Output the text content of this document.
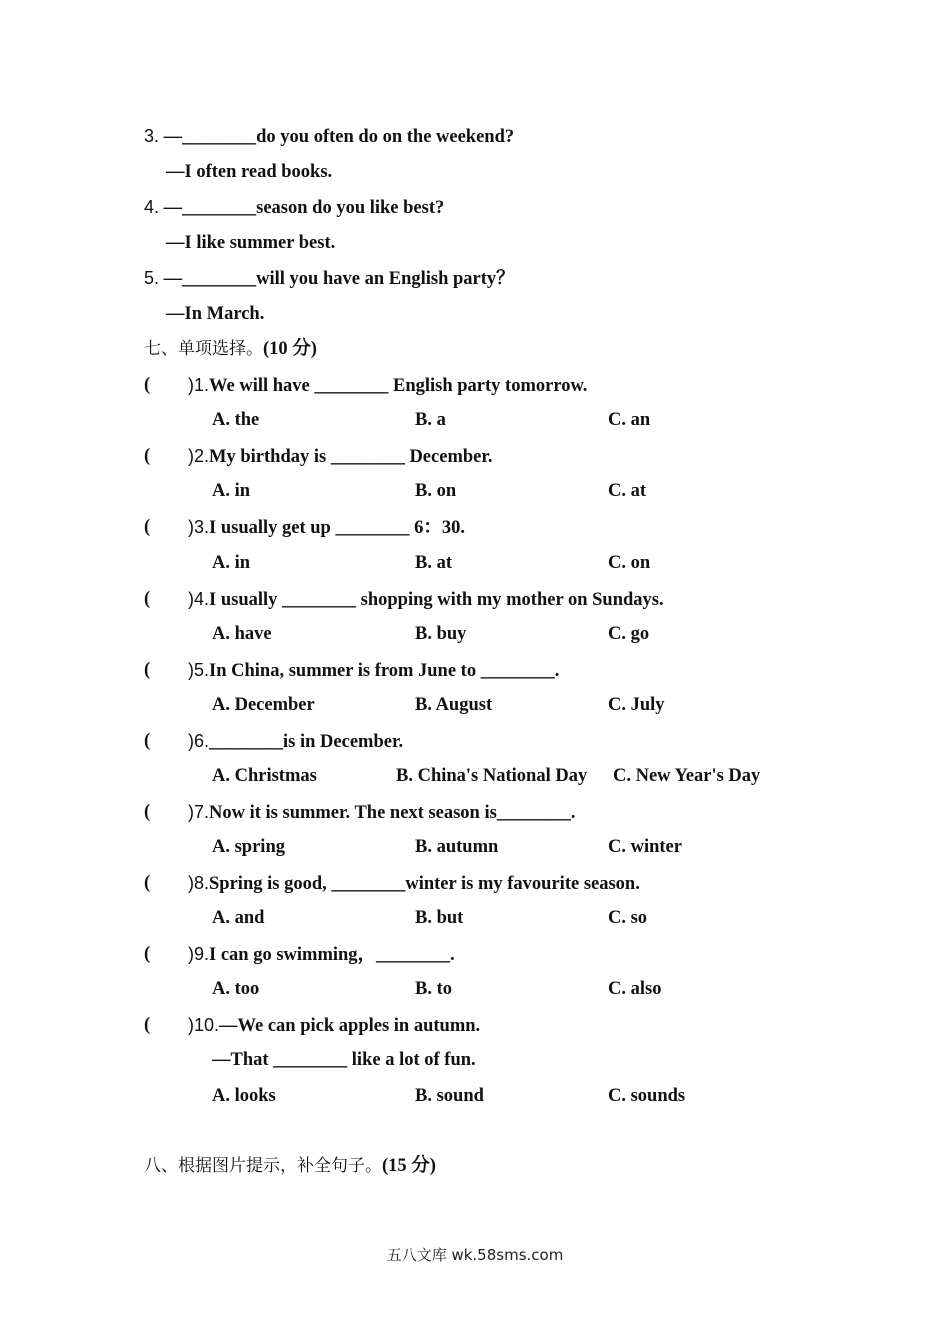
3. —________do you often do on the weekend?
—I often read books.
4. —________season do you like best?
—I like summer best.
5. —________will you have an English party？
—In March.
七、单项选择。(10 分)
( )1.We will have ________ English party tomorrow.
A. the	B. a	C. an
( )2.My birthday is ________ December.
A. in	B. on	C. at
( )3.I usually get up ________ 6：30.
A. in	B. at	C. on
( )4.I usually ________ shopping with my mother on Sundays.
A. have	B. buy	C. go
( )5.In China, summer is from June to ________.
A. December	B. August	C. July
( )6.________is in December.
A. Christmas	B. China's National Day C. New Year's Day
( )7.Now it is summer. The next season is________.
A. spring	B. autumn	C. winter
( )8.Spring is good, ________winter is my favourite season.
A. and	B. but	C. so
( )9.I can go swimming，________.
A. too	B. to	C. also
( )10.—We can pick apples in autumn.
—That ________ like a lot of fun.
A. looks	B. sound	C. sounds
八、根据图片提示，补全句子。(15 分)
五八文库 wk.58sms.com
